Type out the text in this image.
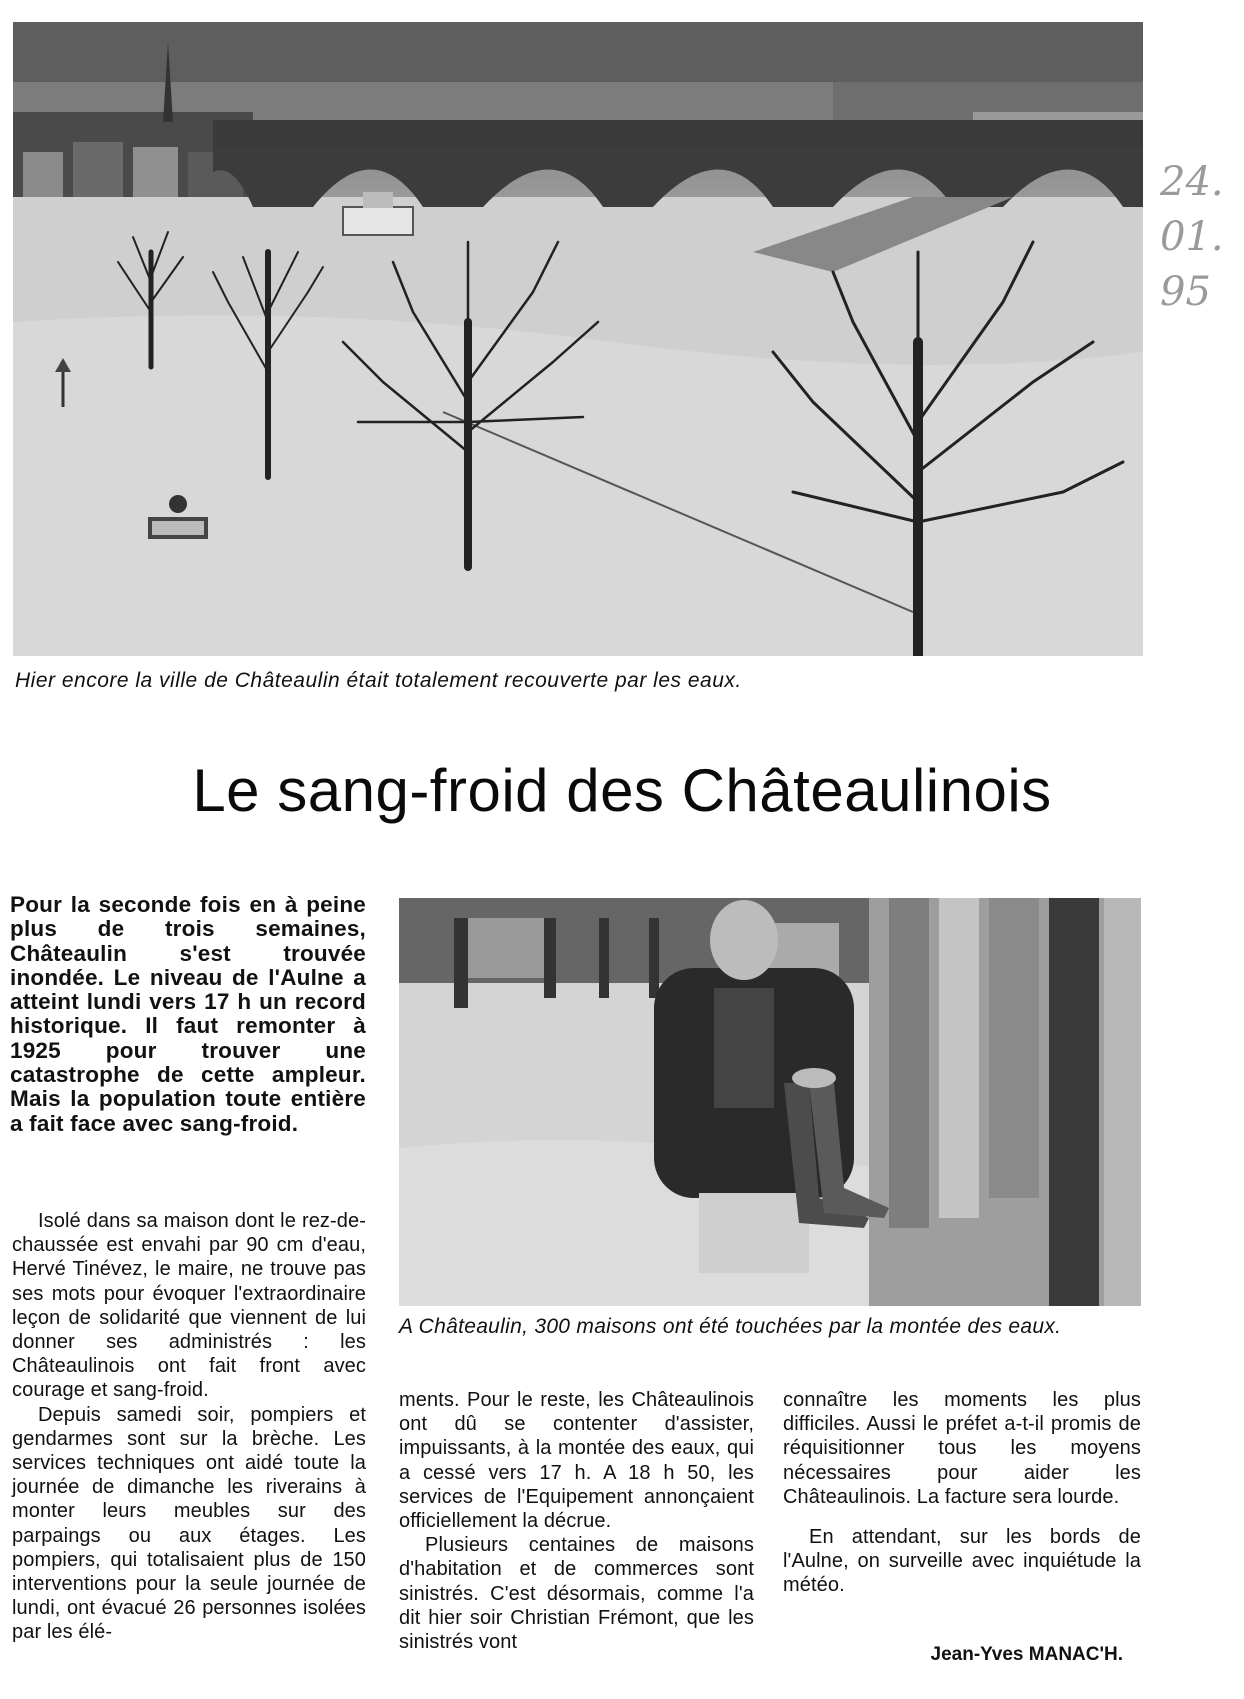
24.
01.
95
Hier encore la ville de Châteaulin était totalement recouverte par les eaux.
Le sang-froid des Châteaulinois
Pour la seconde fois en à peine plus de trois semaines, Châteaulin s'est trouvée inondée. Le niveau de l'Aulne a atteint lundi vers 17 h un record historique. Il faut remonter à 1925 pour trouver une catastrophe de cette ampleur. Mais la population toute entière a fait face avec sang-froid.
A Châteaulin, 300 maisons ont été touchées par la montée des eaux.

Isolé dans sa maison dont le rez-de-chaussée est envahi par 90 cm d'eau, Hervé Tinévez, le maire, ne trouve pas ses mots pour évoquer l'extraordinaire leçon de solidarité que viennent de lui donner ses administrés : les Châteaulinois ont fait front avec courage et sang-froid.

Depuis samedi soir, pompiers et gendarmes sont sur la brèche. Les services techniques ont aidé toute la journée de dimanche les riverains à monter leurs meubles sur des parpaings ou aux étages. Les pompiers, qui totalisaient plus de 150 interventions pour la seule journée de lundi, ont évacué 26 personnes isolées par les élé-

ments. Pour le reste, les Châteaulinois ont dû se contenter d'assister, impuissants, à la montée des eaux, qui a cessé vers 17 h. A 18 h 50, les services de l'Equipement annonçaient officiellement la décrue.

Plusieurs centaines de maisons d'habitation et de commerces sont sinistrés. C'est désormais, comme l'a dit hier soir Christian Frémont, que les sinistrés vont

connaître les moments les plus difficiles. Aussi le préfet a-t-il promis de réquisitionner tous les moyens nécessaires pour aider les Châteaulinois. La facture sera lourde.

En attendant, sur les bords de l'Aulne, on surveille avec inquiétude la météo.

Jean-Yves MANAC'H.
